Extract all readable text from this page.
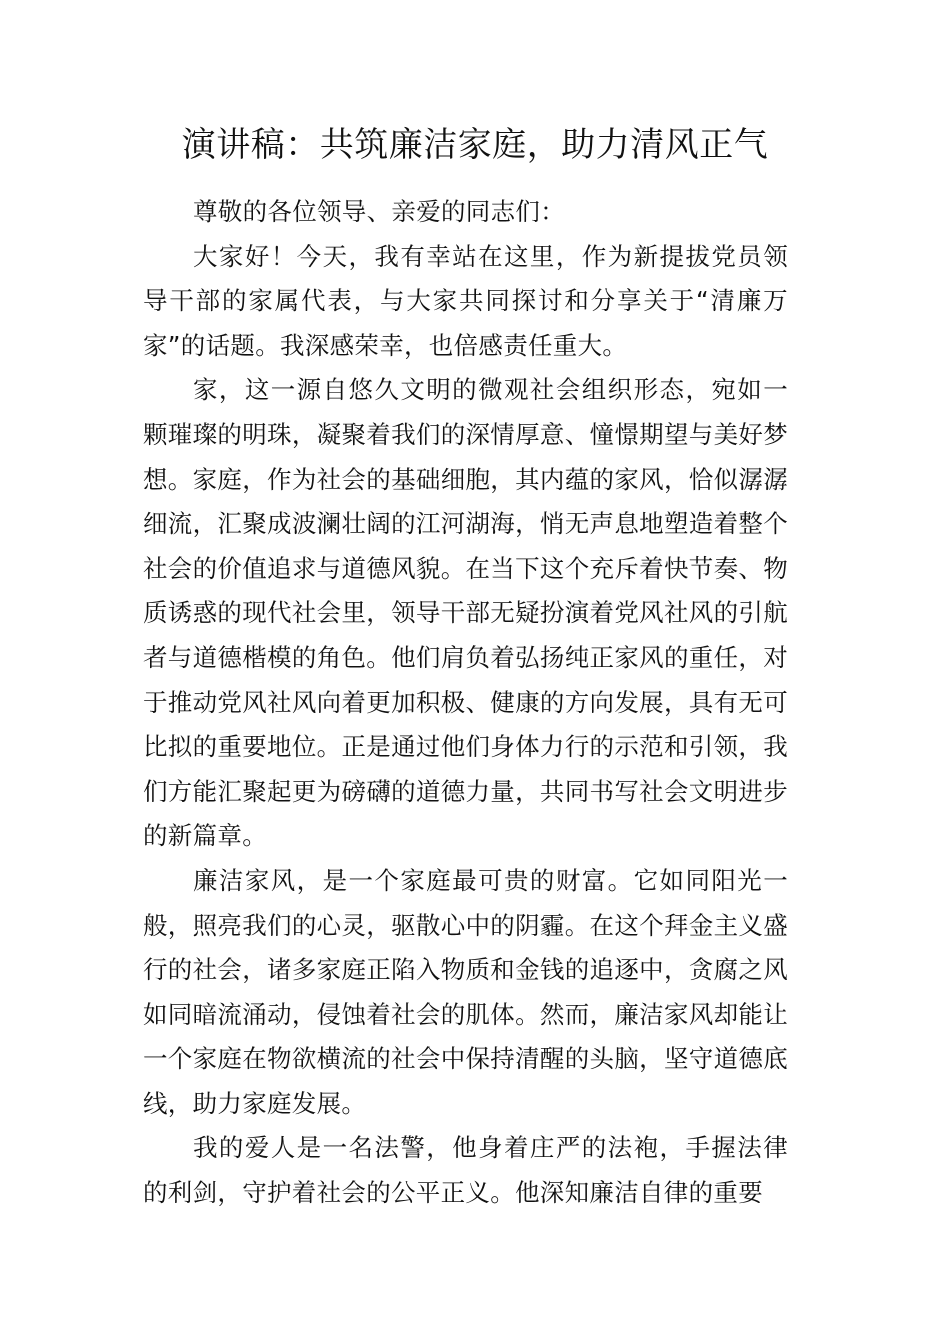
演讲稿：共筑廉洁家庭，助力清风正气

尊敬的各位领导、亲爱的同志们：

大家好！今天，我有幸站在这里，作为新提拔党员领导干部的家属代表，与大家共同探讨和分享关于“清廉万家”的话题。我深感荣幸，也倍感责任重大。

家，这一源自悠久文明的微观社会组织形态，宛如一颗璀璨的明珠，凝聚着我们的深情厚意、憧憬期望与美好梦想。家庭，作为社会的基础细胞，其内蕴的家风，恰似潺潺细流，汇聚成波澜壮阔的江河湖海，悄无声息地塑造着整个社会的价值追求与道德风貌。在当下这个充斥着快节奏、物质诱惑的现代社会里，领导干部无疑扮演着党风社风的引航者与道德楷模的角色。他们肩负着弘扬纯正家风的重任，对于推动党风社风向着更加积极、健康的方向发展，具有无可比拟的重要地位。正是通过他们身体力行的示范和引领，我们方能汇聚起更为磅礴的道德力量，共同书写社会文明进步的新篇章。

廉洁家风，是一个家庭最可贵的财富。它如同阳光一般，照亮我们的心灵，驱散心中的阴霾。在这个拜金主义盛行的社会，诸多家庭正陷入物质和金钱的追逐中，贪腐之风如同暗流涌动，侵蚀着社会的肌体。然而，廉洁家风却能让一个家庭在物欲横流的社会中保持清醒的头脑，坚守道德底线，助力家庭发展。

我的爱人是一名法警，他身着庄严的法袍，手握法律的利剑，守护着社会的公平正义。他深知廉洁自律的重要
